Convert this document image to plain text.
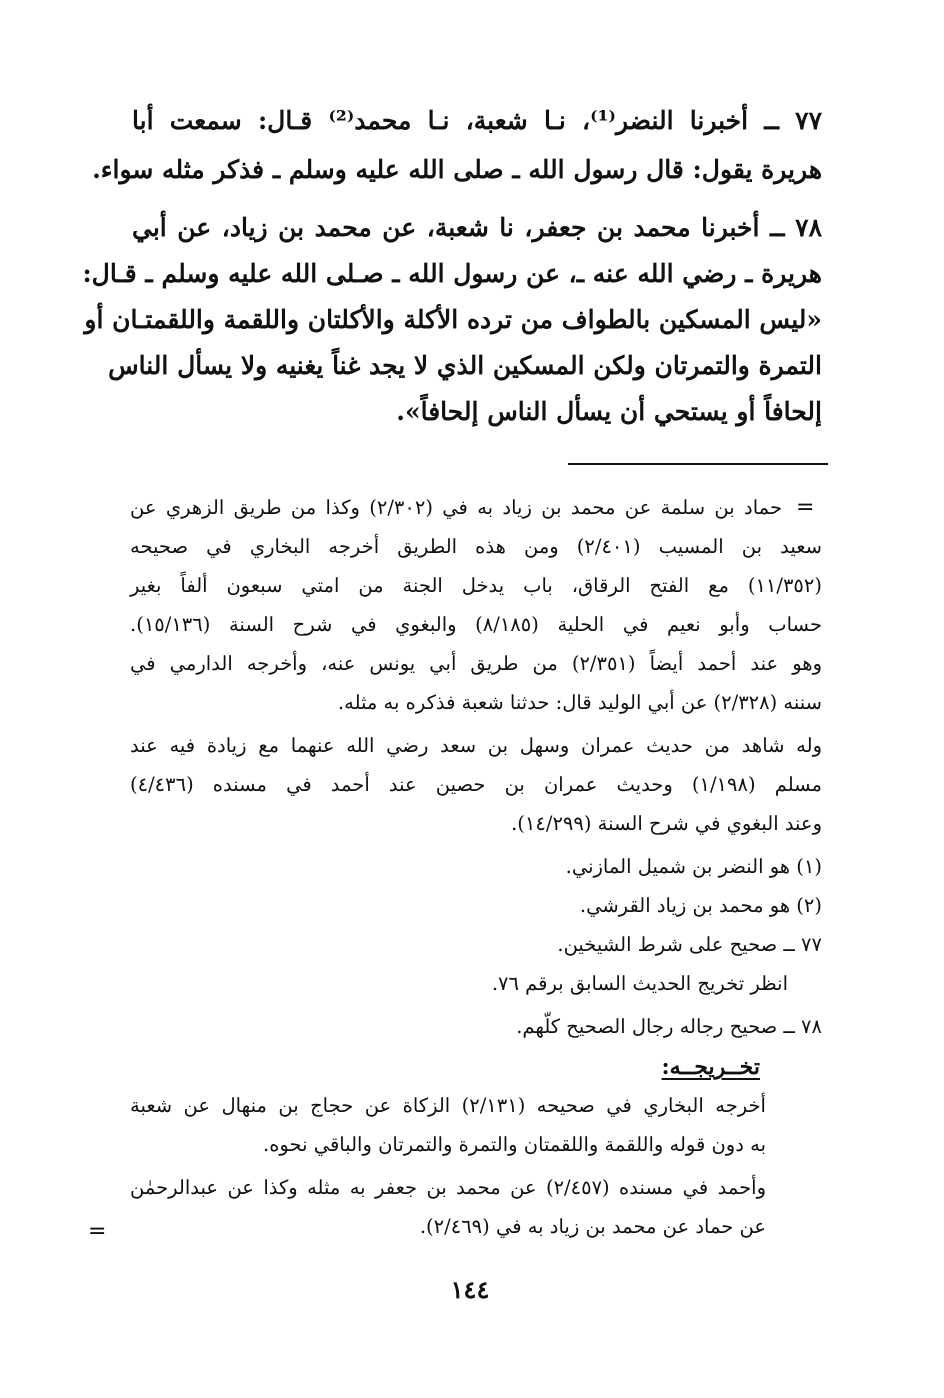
٧٧ ــ أخبرنا النضر⁽¹⁾، نـا شعبة، نـا محمد⁽²⁾ قـال: سمعت أبا
هريرة يقول: قال رسول الله ـ صلى الله عليه وسلم ـ فذكر مثله سواء.
٧٨ ــ أخبرنا محمد بن جعفر، نا شعبة، عن محمد بن زياد، عن أبي
هريرة ـ رضي الله عنه ـ، عن رسول الله ـ صـلى الله عليه وسلم ـ قـال:
«ليس المسكين بالطواف من ترده الأكلة والأكلتان واللقمة واللقمتـان أو
التمرة والتمرتان ولكن المسكين الذي لا يجد غناً يغنيه ولا يسأل الناس
إلحافاً أو يستحي أن يسأل الناس إلحافاً».
=
حماد بن سلمة عن محمد بن زياد به في (٢/٣٠٢) وكذا من طريق الزهري عن
سعيد بن المسيب (٢/٤٠١) ومن هذه الطريق أخرجه البخاري في صحيحه
(١١/٣٥٢) مع الفتح الرقاق، باب يدخل الجنة من امتي سبعون ألفاً بغير
حساب وأبو نعيم في الحلية (٨/١٨٥) والبغوي في شرح السنة (١٥/١٣٦).
وهو عند أحمد أيضاً (٢/٣٥١) من طريق أبي يونس عنه، وأخرجه الدارمي في
سننه (٢/٣٢٨) عن أبي الوليد قال: حدثنا شعبة فذكره به مثله.
وله شاهد من حديث عمران وسهل بن سعد رضي الله عنهما مع زيادة فيه عند
مسلم (١/١٩٨) وحديث عمران بن حصين عند أحمد في مسنده (٤/٤٣٦)
وعند البغوي في شرح السنة (١٤/٢٩٩).
(١) هو النضر بن شميل المازني.
(٢) هو محمد بن زياد القرشي.
٧٧ ــ صحيح على شرط الشيخين.
انظر تخريج الحديث السابق برقم ٧٦.
٧٨ ــ صحيح رجاله رجال الصحيح كلّهم.
تخــريجــه:
أخرجه البخاري في صحيحه (٢/١٣١) الزكاة عن حجاج بن منهال عن شعبة
به دون قوله واللقمة واللقمتان والتمرة والتمرتان والباقي نحوه.
وأحمد في مسنده (٢/٤٥٧) عن محمد بن جعفر به مثله وكذا عن عبدالرحمٰن
عن حماد عن محمد بن زياد به في (٢/٤٦٩).
=
١٤٤
